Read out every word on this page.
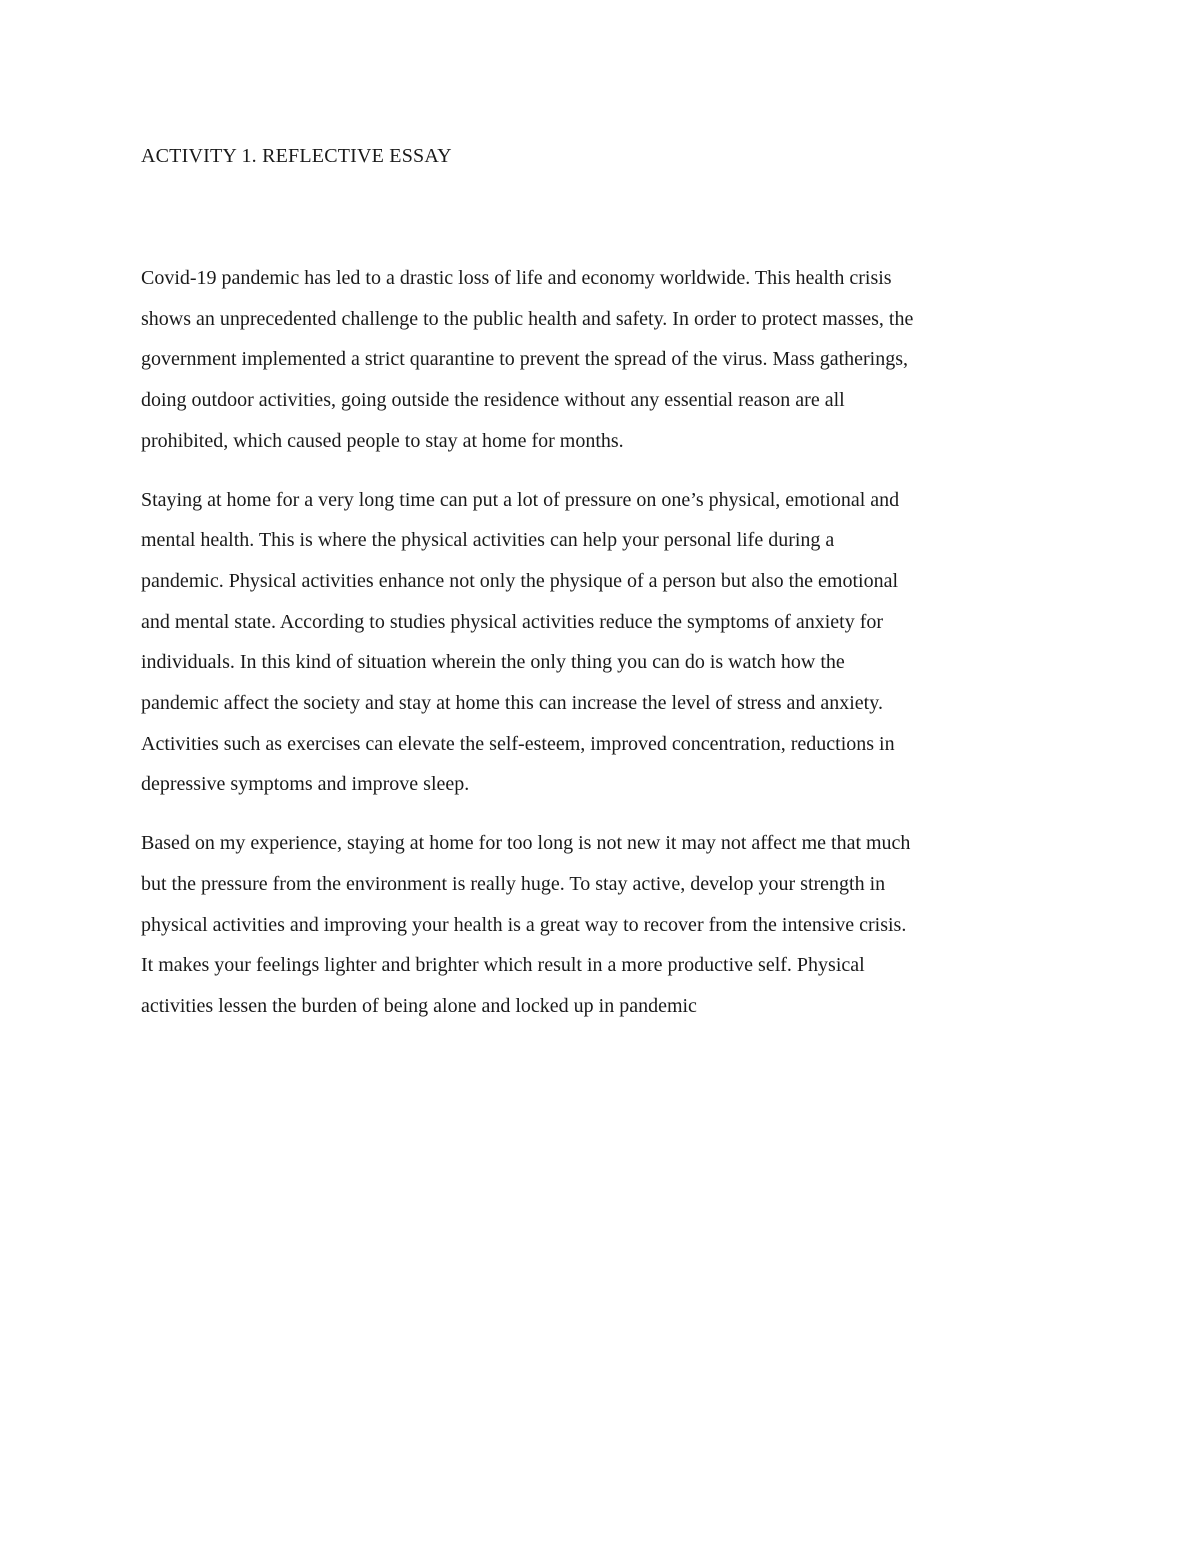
ACTIVITY 1. REFLECTIVE ESSAY

Covid-19 pandemic has led to a drastic loss of life and economy worldwide. This health crisis
shows an unprecedented challenge to the public health and safety. In order to protect masses, the
government implemented a strict quarantine to prevent the spread of the virus. Mass gatherings,
doing outdoor activities, going outside the residence without any essential reason are all
prohibited, which caused people to stay at home for months.

Staying at home for a very long time can put a lot of pressure on one’s physical, emotional and
mental health. This is where the physical activities can help your personal life during a
pandemic. Physical activities enhance not only the physique of a person but also the emotional
and mental state. According to studies physical activities reduce the symptoms of anxiety for
individuals. In this kind of situation wherein the only thing you can do is watch how the
pandemic affect the society and stay at home this can increase the level of stress and anxiety.
Activities such as exercises can elevate the self-esteem, improved concentration, reductions in
depressive symptoms and improve sleep.

Based on my experience, staying at home for too long is not new it may not affect me that much
but the pressure from the environment is really huge. To stay active, develop your strength in
physical activities and improving your health is a great way to recover from the intensive crisis.
It makes your feelings lighter and brighter which result in a more productive self. Physical
activities lessen the burden of being alone and locked up in pandemic
